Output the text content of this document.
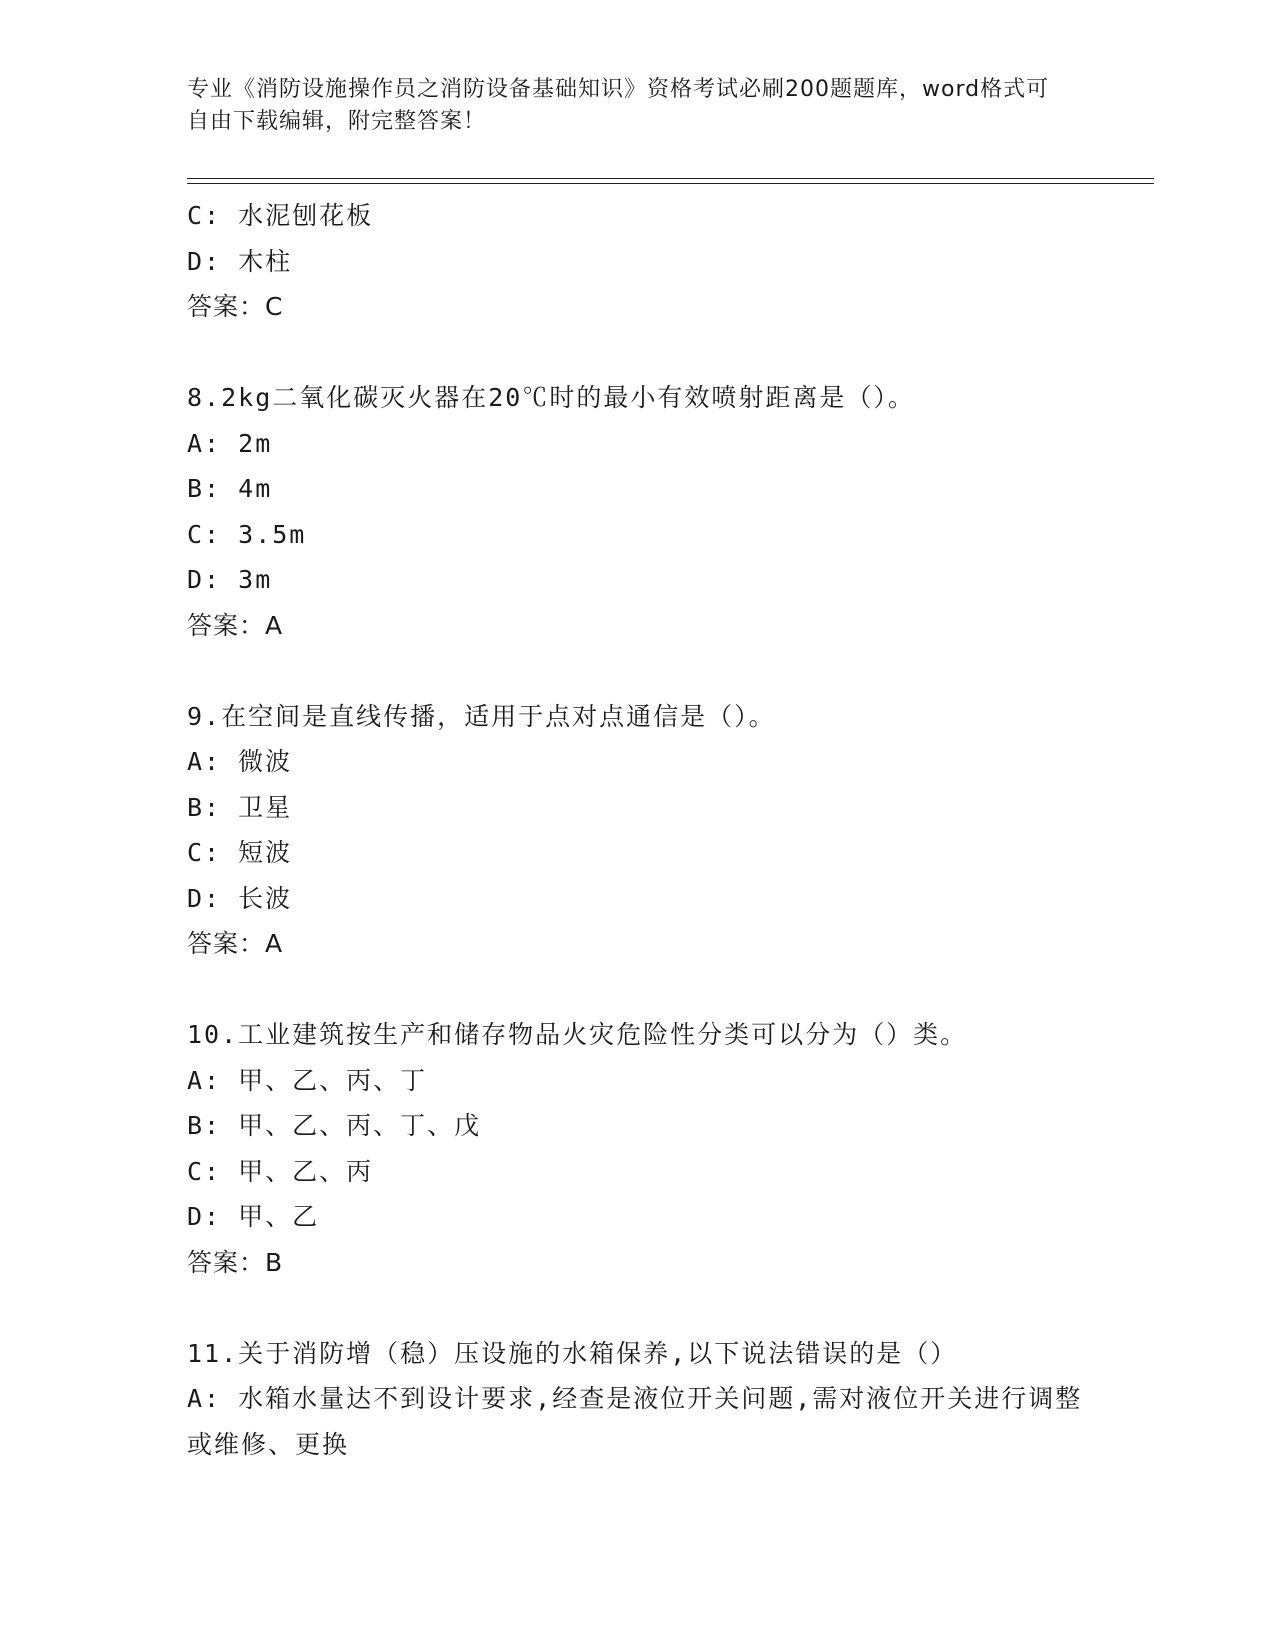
专业《消防设施操作员之消防设备基础知识》资格考试必刷200题题库，word格式可自由下载编辑，附完整答案！
C: 水泥刨花板
D: 木柱
答案：C
8.2kg二氧化碳灭火器在20℃时的最小有效喷射距离是（）。
A: 2m
B: 4m
C: 3.5m
D: 3m
答案：A
9.在空间是直线传播，适用于点对点通信是（）。
A: 微波
B: 卫星
C: 短波
D: 长波
答案：A
10.工业建筑按生产和储存物品火灾危险性分类可以分为（）类。
A: 甲、乙、丙、丁
B: 甲、乙、丙、丁、戊
C: 甲、乙、丙
D: 甲、乙
答案：B
11.关于消防增（稳）压设施的水箱保养,以下说法错误的是（）
A: 水箱水量达不到设计要求,经查是液位开关问题,需对液位开关进行调整或维修、更换
